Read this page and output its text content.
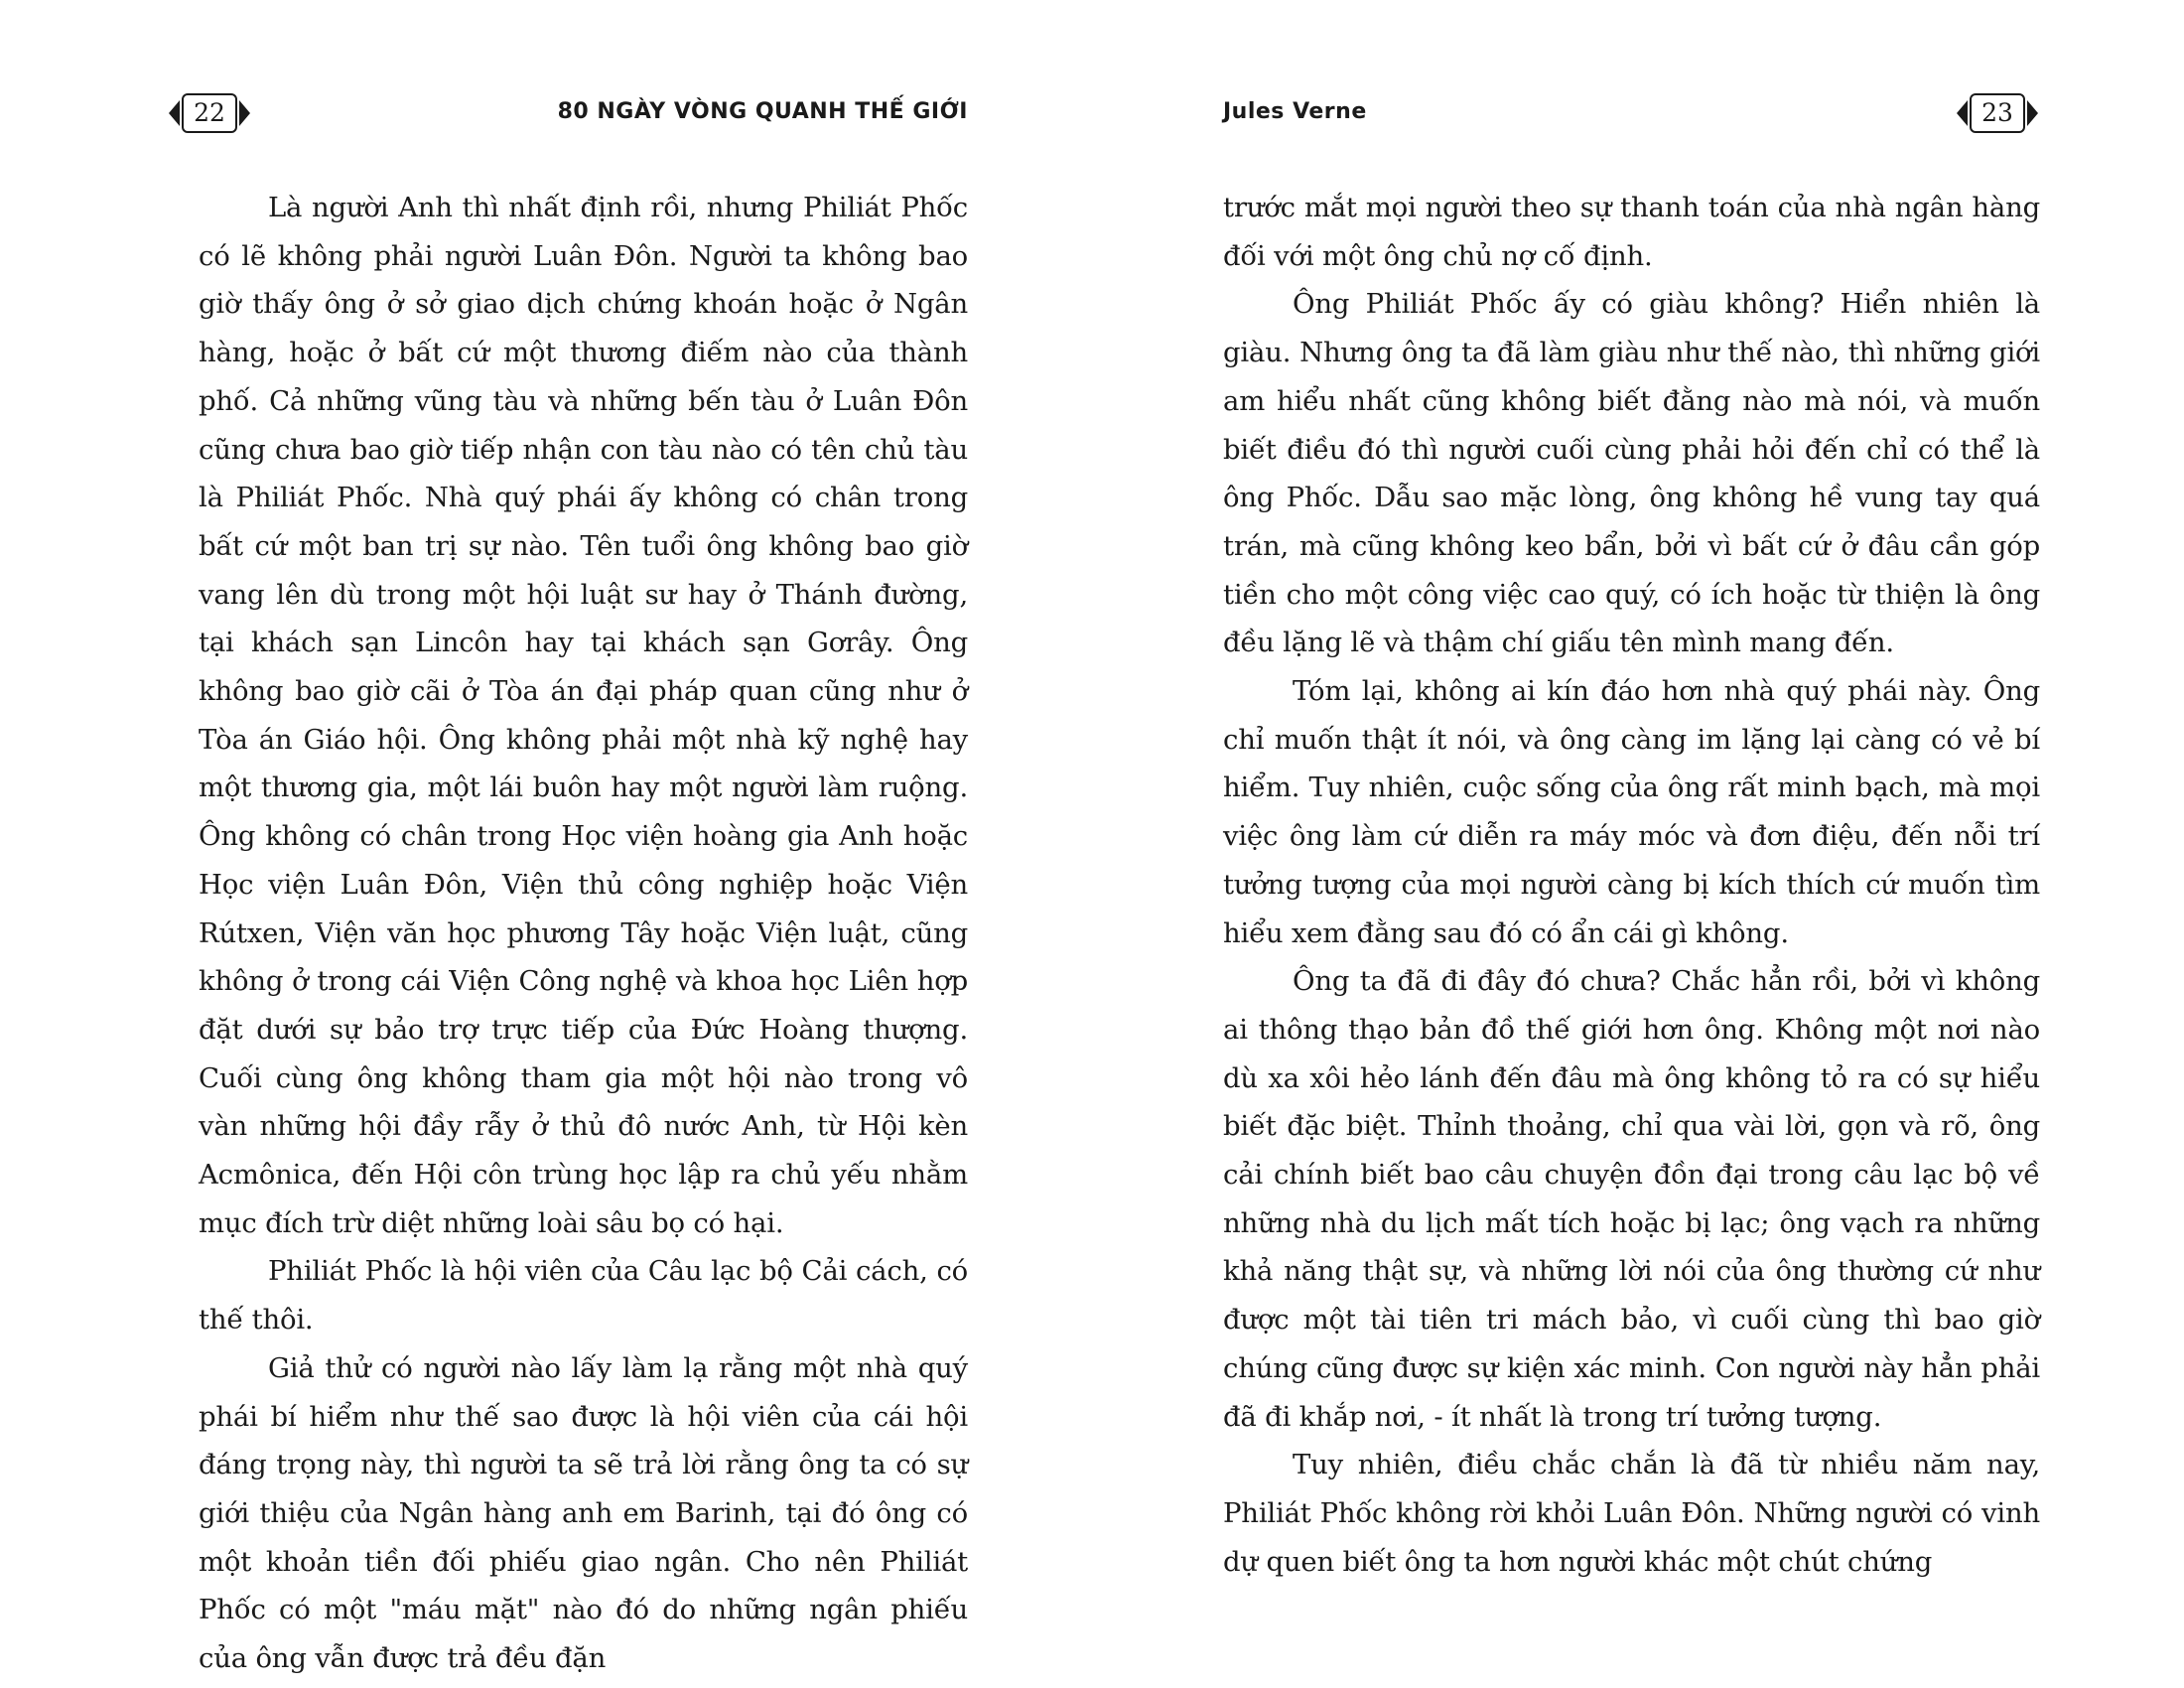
22	80 NGÀY VÒNG QUANH THẾ GIỚI

Là người Anh thì nhất định rồi, nhưng Philiát Phốc có lẽ không phải người Luân Đôn. Người ta không bao giờ thấy ông ở sở giao dịch chứng khoán hoặc ở Ngân hàng, hoặc ở bất cứ một thương điếm nào của thành phố. Cả những vũng tàu và những bến tàu ở Luân Đôn cũng chưa bao giờ tiếp nhận con tàu nào có tên chủ tàu là Philiát Phốc. Nhà quý phái ấy không có chân trong bất cứ một ban trị sự nào. Tên tuổi ông không bao giờ vang lên dù trong một hội luật sư hay ở Thánh đường, tại khách sạn Lincôn hay tại khách sạn Gơrây. Ông không bao giờ cãi ở Tòa án đại pháp quan cũng như ở Tòa án Giáo hội. Ông không phải một nhà kỹ nghệ hay một thương gia, một lái buôn hay một người làm ruộng. Ông không có chân trong Học viện hoàng gia Anh hoặc Học viện Luân Đôn, Viện thủ công nghiệp hoặc Viện Rútxen, Viện văn học phương Tây hoặc Viện luật, cũng không ở trong cái Viện Công nghệ và khoa học Liên hợp đặt dưới sự bảo trợ trực tiếp của Đức Hoàng thượng. Cuối cùng ông không tham gia một hội nào trong vô vàn những hội đầy rẫy ở thủ đô nước Anh, từ Hội kèn Acmônica, đến Hội côn trùng học lập ra chủ yếu nhằm mục đích trừ diệt những loài sâu bọ có hại.

Philiát Phốc là hội viên của Câu lạc bộ Cải cách, có thế thôi.

Giả thử có người nào lấy làm lạ rằng một nhà quý phái bí hiểm như thế sao được là hội viên của cái hội đáng trọng này, thì người ta sẽ trả lời rằng ông ta có sự giới thiệu của Ngân hàng anh em Barinh, tại đó ông có một khoản tiền đối phiếu giao ngân. Cho nên Philiát Phốc có một "máu mặt" nào đó do những ngân phiếu của ông vẫn được trả đều đặn

Jules Verne	23

trước mắt mọi người theo sự thanh toán của nhà ngân hàng đối với một ông chủ nợ cố định.

Ông Philiát Phốc ấy có giàu không? Hiển nhiên là giàu. Nhưng ông ta đã làm giàu như thế nào, thì những giới am hiểu nhất cũng không biết đằng nào mà nói, và muốn biết điều đó thì người cuối cùng phải hỏi đến chỉ có thể là ông Phốc. Dẫu sao mặc lòng, ông không hề vung tay quá trán, mà cũng không keo bẩn, bởi vì bất cứ ở đâu cần góp tiền cho một công việc cao quý, có ích hoặc từ thiện là ông đều lặng lẽ và thậm chí giấu tên mình mang đến.

Tóm lại, không ai kín đáo hơn nhà quý phái này. Ông chỉ muốn thật ít nói, và ông càng im lặng lại càng có vẻ bí hiểm. Tuy nhiên, cuộc sống của ông rất minh bạch, mà mọi việc ông làm cứ diễn ra máy móc và đơn điệu, đến nỗi trí tưởng tượng của mọi người càng bị kích thích cứ muốn tìm hiểu xem đằng sau đó có ẩn cái gì không.

Ông ta đã đi đây đó chưa? Chắc hẳn rồi, bởi vì không ai thông thạo bản đồ thế giới hơn ông. Không một nơi nào dù xa xôi hẻo lánh đến đâu mà ông không tỏ ra có sự hiểu biết đặc biệt. Thỉnh thoảng, chỉ qua vài lời, gọn và rõ, ông cải chính biết bao câu chuyện đồn đại trong câu lạc bộ về những nhà du lịch mất tích hoặc bị lạc; ông vạch ra những khả năng thật sự, và những lời nói của ông thường cứ như được một tài tiên tri mách bảo, vì cuối cùng thì bao giờ chúng cũng được sự kiện xác minh. Con người này hẳn phải đã đi khắp nơi, - ít nhất là trong trí tưởng tượng.

Tuy nhiên, điều chắc chắn là đã từ nhiều năm nay, Philiát Phốc không rời khỏi Luân Đôn. Những người có vinh dự quen biết ông ta hơn người khác một chút chứng
